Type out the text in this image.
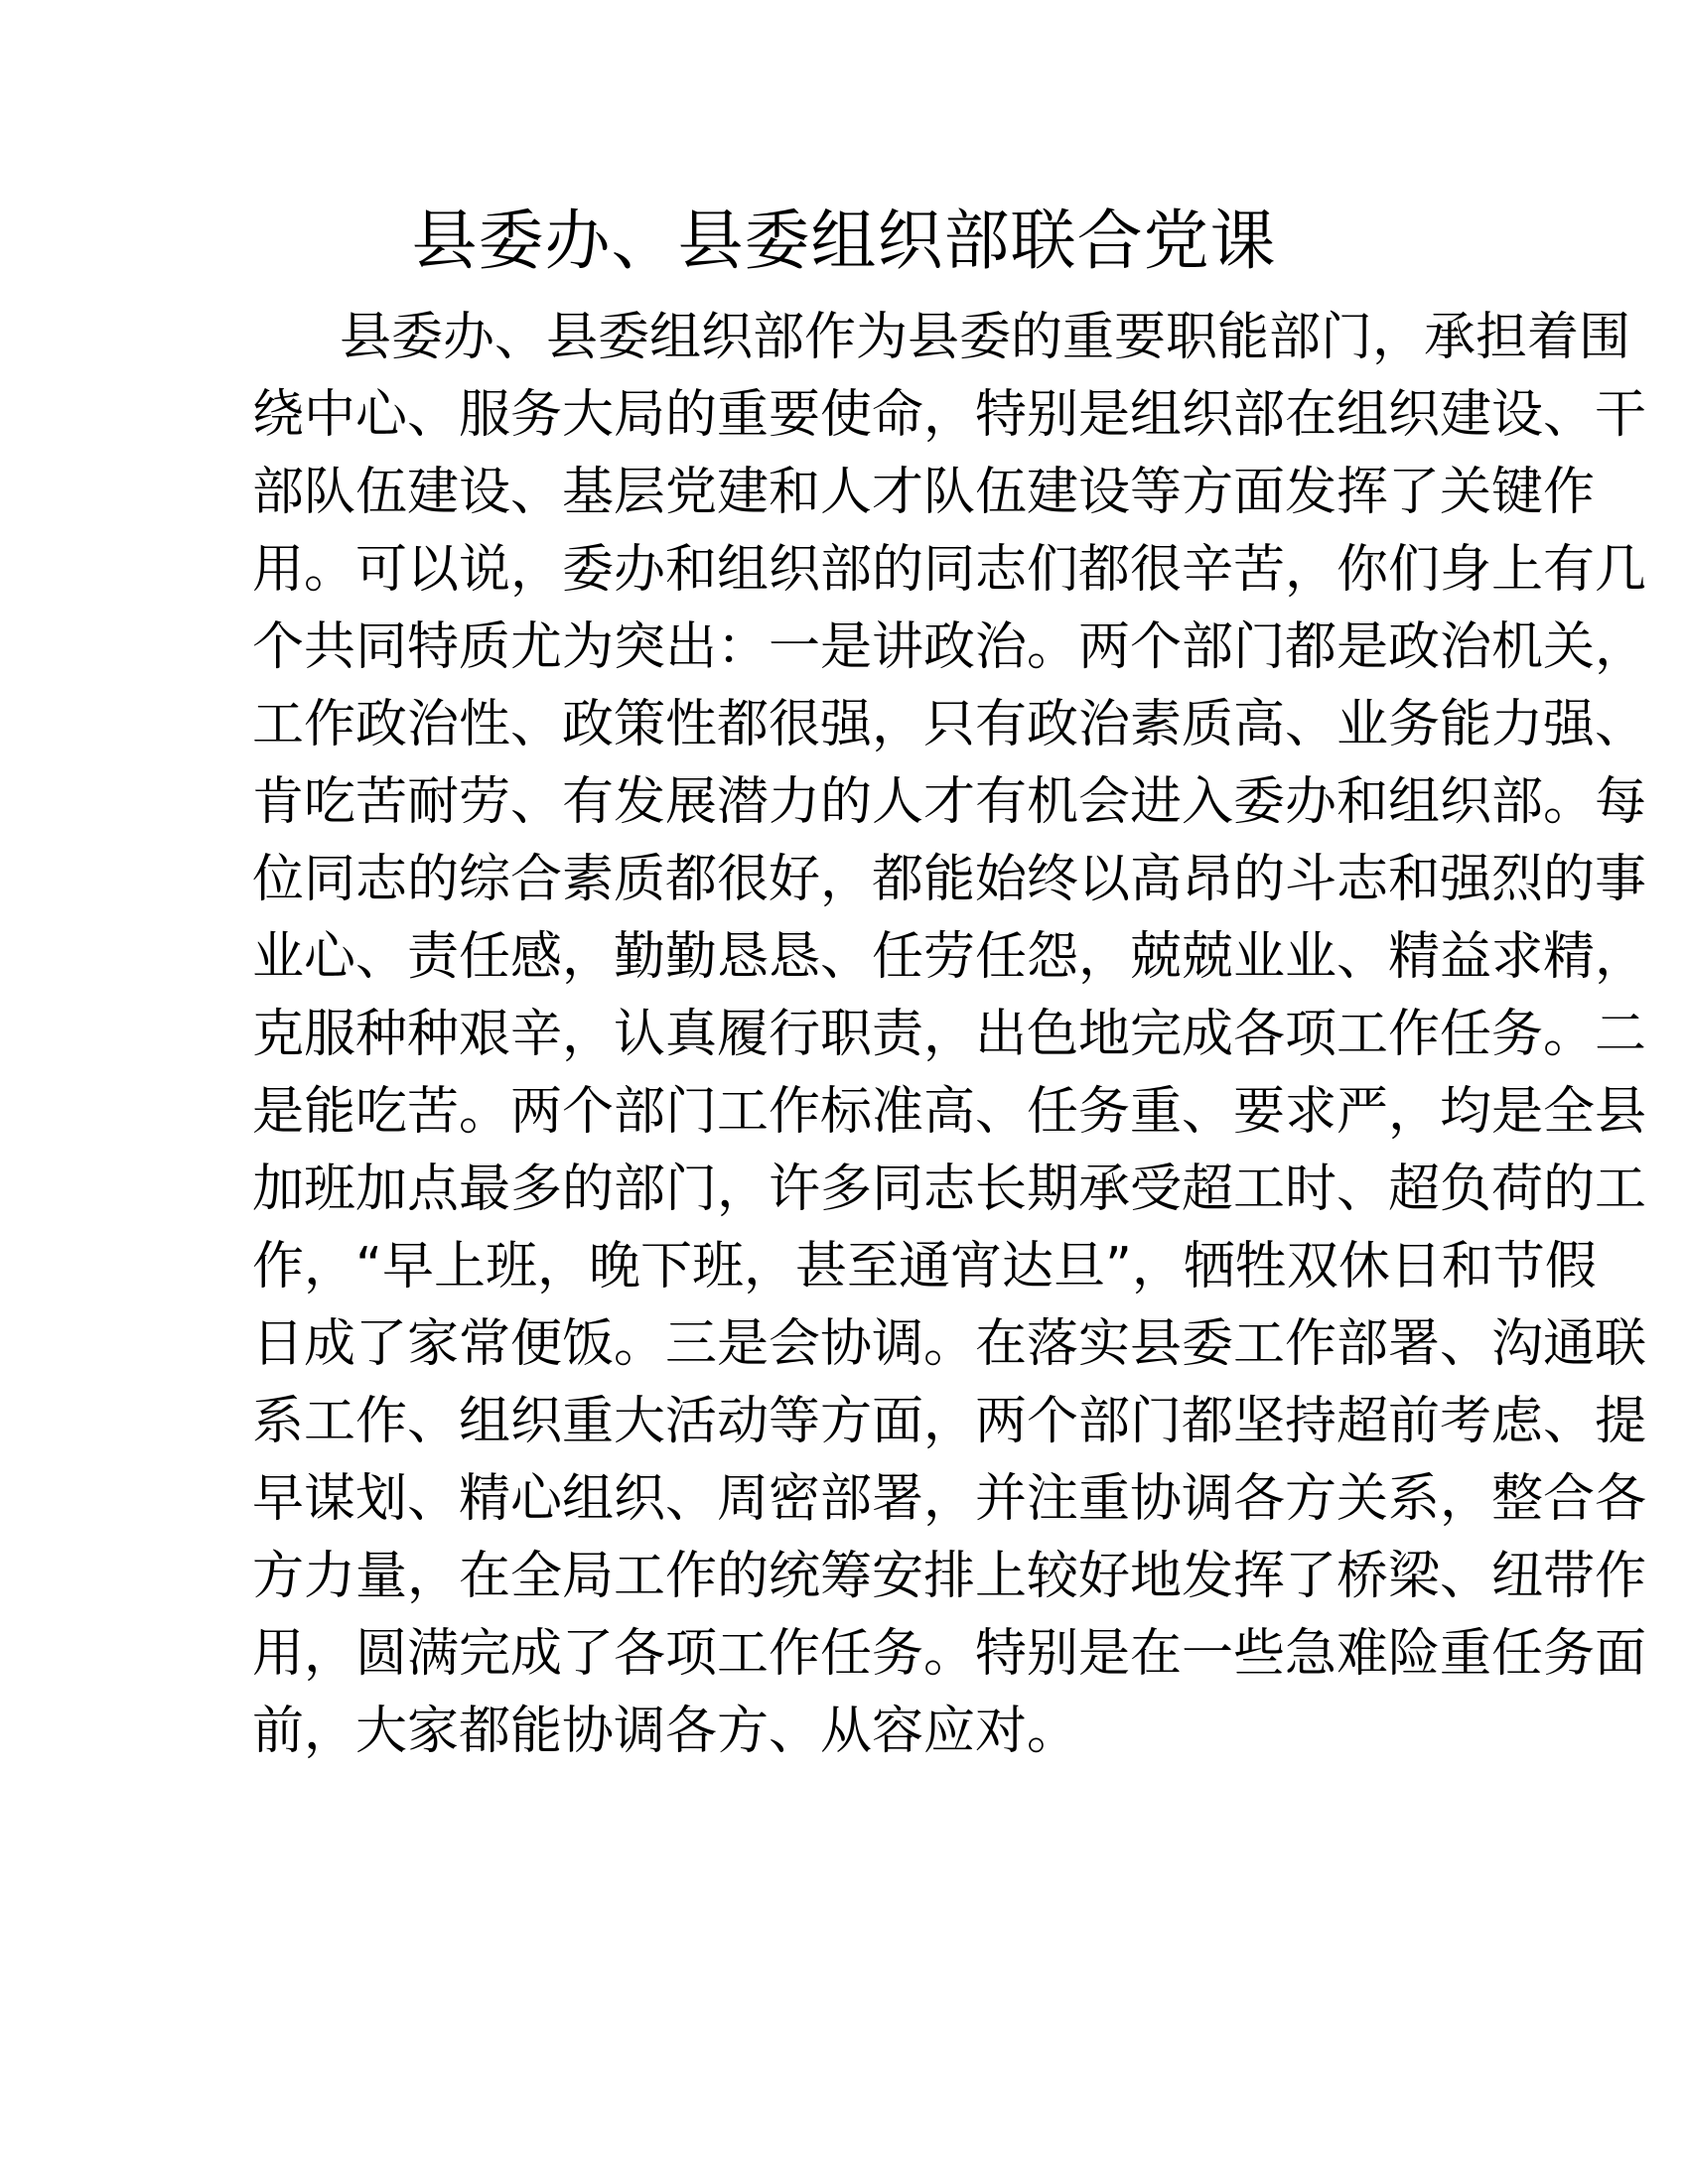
县委办、县委组织部联合党课
县委办、县委组织部作为县委的重要职能部门，承担着围
绕中心、服务大局的重要使命，特别是组织部在组织建设、干
部队伍建设、基层党建和人才队伍建设等方面发挥了关键作
用。可以说，委办和组织部的同志们都很辛苦，你们身上有几
个共同特质尤为突出：一是讲政治。两个部门都是政治机关，
工作政治性、政策性都很强，只有政治素质高、业务能力强、
肯吃苦耐劳、有发展潜力的人才有机会进入委办和组织部。每
位同志的综合素质都很好，都能始终以高昂的斗志和强烈的事
业心、责任感，勤勤恳恳、任劳任怨，兢兢业业、精益求精，
克服种种艰辛，认真履行职责，出色地完成各项工作任务。二
是能吃苦。两个部门工作标准高、任务重、要求严，均是全县
加班加点最多的部门，许多同志长期承受超工时、超负荷的工
作，“早上班，晚下班，甚至通宵达旦”，牺牲双休日和节假
日成了家常便饭。三是会协调。在落实县委工作部署、沟通联
系工作、组织重大活动等方面，两个部门都坚持超前考虑、提
早谋划、精心组织、周密部署，并注重协调各方关系，整合各
方力量，在全局工作的统筹安排上较好地发挥了桥梁、纽带作
用，圆满完成了各项工作任务。特别是在一些急难险重任务面
前，大家都能协调各方、从容应对。
